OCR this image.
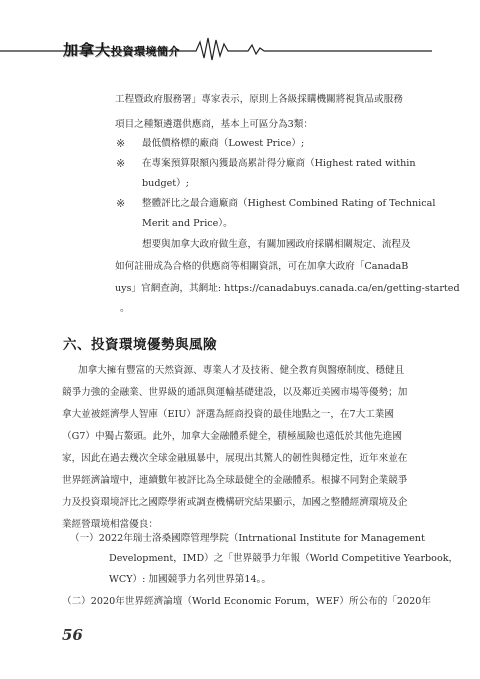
加拿大投資環境簡介
工程暨政府服務署」專家表示，原則上各級採購機關將視貨品或服務
項目之種類遴選供應商，基本上可區分為3類：
※ 最低價格標的廠商（Lowest Price）;
※ 在專案預算限額內獲最高累計得分廠商（Highest rated within
budget）;
※ 整體評比之最合適廠商（Highest Combined Rating of Technical
Merit and Price）。
想要與加拿大政府做生意，有關加國政府採購相關規定、流程及
如何註冊成為合格的供應商等相關資訊，可在加拿大政府「CanadaB
uys」官網查詢，其網址: https://canadabuys.canada.ca/en/getting-started
。
六、投資環境優勢與風險
加拿大擁有豐富的天然資源、專業人才及技術、健全教育與醫療制度、穩健且
競爭力強的金融業、世界級的通訊與運輸基礎建設，以及鄰近美國市場等優勢；加
拿大並被經濟學人智庫（EIU）評選為經商投資的最佳地點之一，在7大工業國
（G7）中獨占鰲頭。此外，加拿大金融體系健全，積極風險也遠低於其他先進國
家，因此在過去幾次全球金融風暴中，展現出其驚人的韌性與穩定性，近年來並在
世界經濟論壇中，連續數年被評比為全球最健全的金融體系。根據不同對企業競爭
力及投資環境評比之國際學術或調查機構研究結果顯示，加國之整體經濟環境及企
業經營環境相當優良：
（一）2022年瑞士洛桑國際管理學院（Intrnational Institute for Management
Development，IMD）之「世界競爭力年報（World Competitive Yearbook，
WCY）: 加國競爭力名列世界第14。。
（二）2020年世界經濟論壇（World Economic Forum，WEF）所公布的「2020年
56
